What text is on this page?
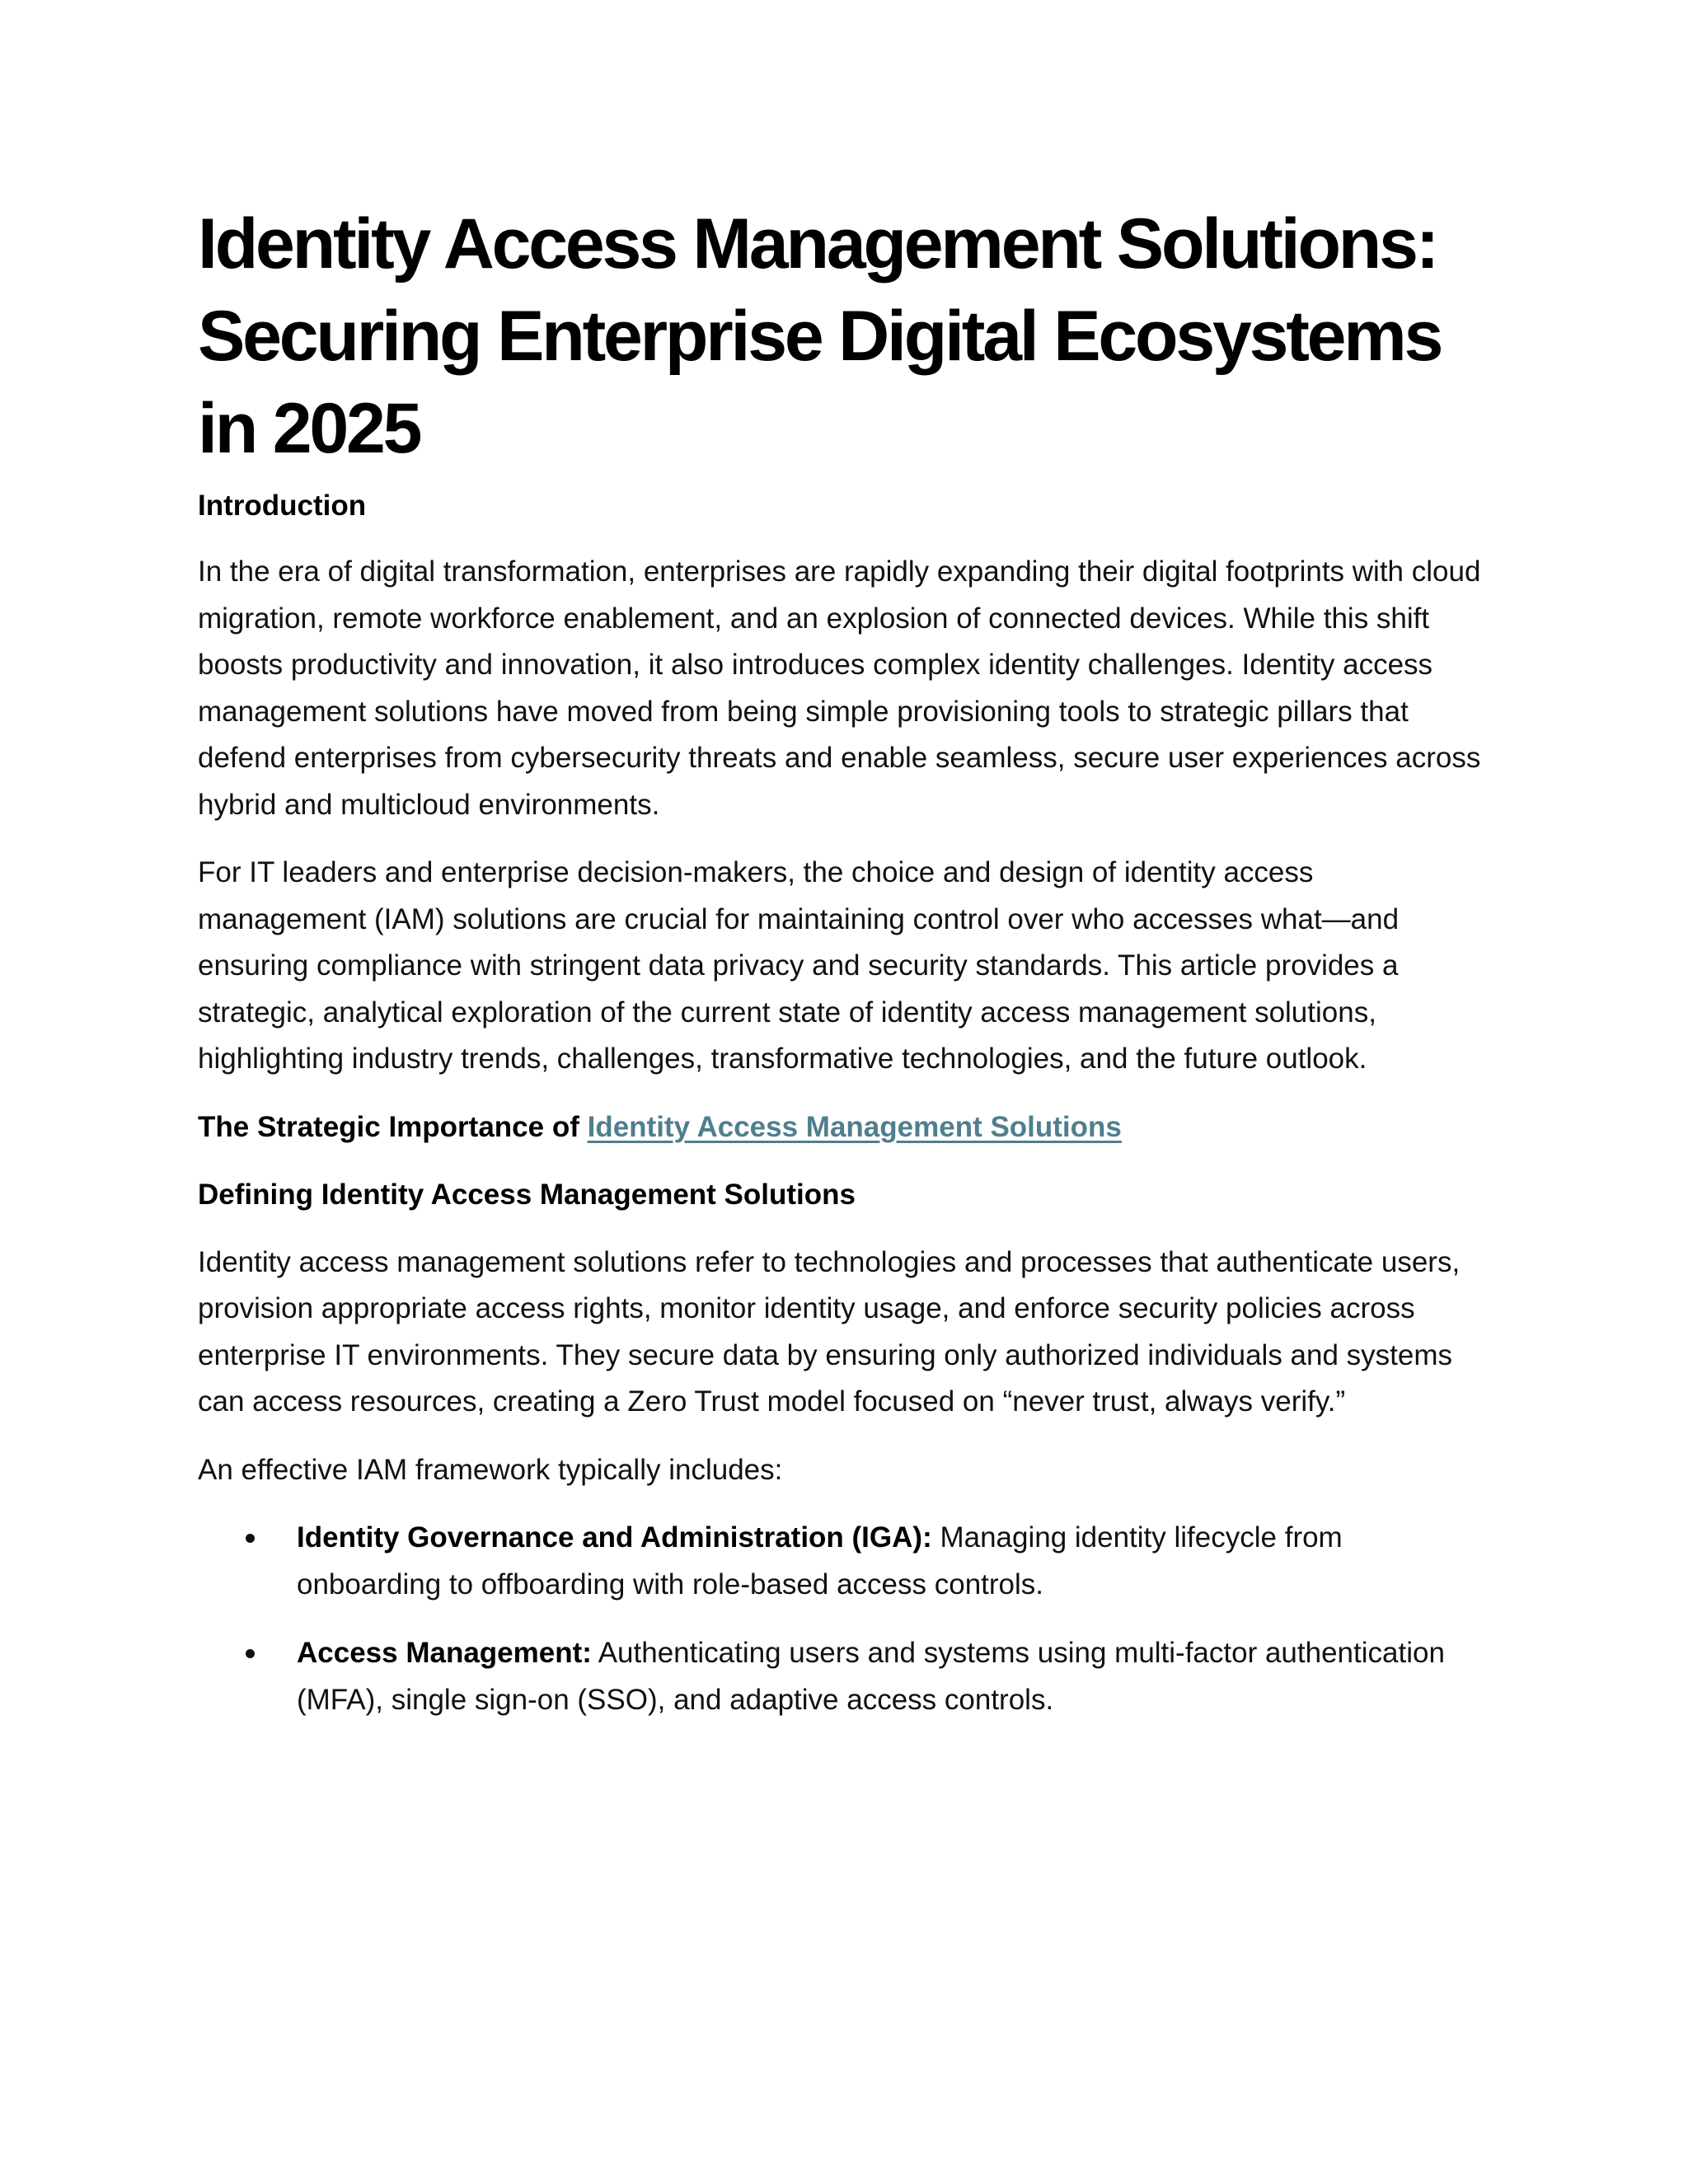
Identity Access Management Solutions: Securing Enterprise Digital Ecosystems in 2025
Introduction

In the era of digital transformation, enterprises are rapidly expanding their digital footprints with cloud migration, remote workforce enablement, and an explosion of connected devices. While this shift boosts productivity and innovation, it also introduces complex identity challenges. Identity access management solutions have moved from being simple provisioning tools to strategic pillars that defend enterprises from cybersecurity threats and enable seamless, secure user experiences across hybrid and multicloud environments.

For IT leaders and enterprise decision-makers, the choice and design of identity access management (IAM) solutions are crucial for maintaining control over who accesses what—and ensuring compliance with stringent data privacy and security standards. This article provides a strategic, analytical exploration of the current state of identity access management solutions, highlighting industry trends, challenges, transformative technologies, and the future outlook.

The Strategic Importance of Identity Access Management Solutions
Defining Identity Access Management Solutions

Identity access management solutions refer to technologies and processes that authenticate users, provision appropriate access rights, monitor identity usage, and enforce security policies across enterprise IT environments. They secure data by ensuring only authorized individuals and systems can access resources, creating a Zero Trust model focused on “never trust, always verify.”

An effective IAM framework typically includes:

Identity Governance and Administration (IGA): Managing identity lifecycle from onboarding to offboarding with role-based access controls.
Access Management: Authenticating users and systems using multi-factor authentication (MFA), single sign-on (SSO), and adaptive access controls.
